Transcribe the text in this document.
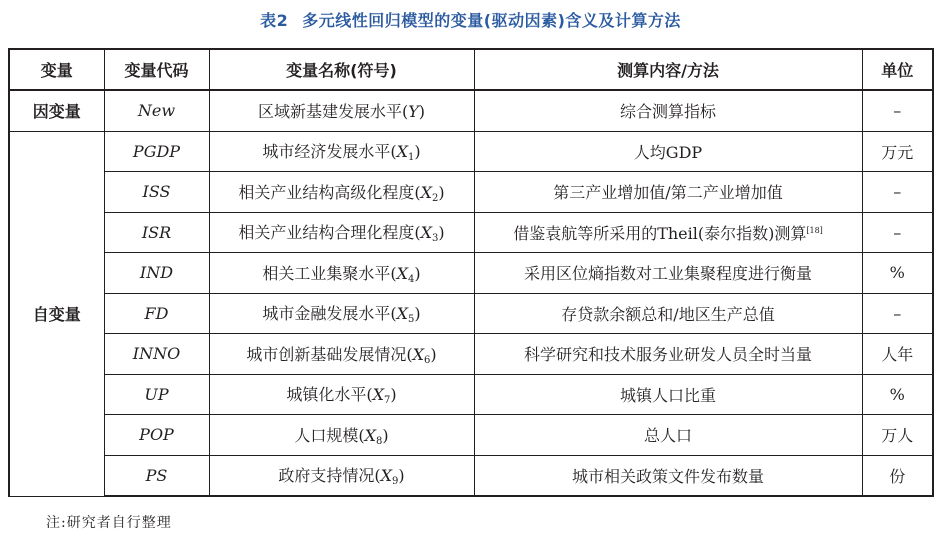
表2 多元线性回归模型的变量(驱动因素)含义及计算方法
变量	变量代码	变量名称(符号)	测算内容/方法	单位
因变量	New	区域新基建发展水平(Y)	综合测算指标	–
自变量	PGDP	城市经济发展水平$(X_1)$	人均GDP	万元
	ISS	相关产业结构高级化程度$(X_2)$	第三产业增加值/第二产业增加值	–
	ISR	相关产业结构合理化程度$(X_3)$	借鉴袁航等所采用的Theil(泰尔指数)测算[18]	–
	IND	相关工业集聚水平$(X_4)$	采用区位熵指数对工业集聚程度进行衡量	%
	FD	城市金融发展水平$(X_5)$	存贷款余额总和/地区生产总值	–
	INNO	城市创新基础发展情况$(X_6)$	科学研究和技术服务业研发人员全时当量	人年
	UP	城镇化水平$(X_7)$	城镇人口比重	%
	POP	人口规模$(X_8)$	总人口	万人
	PS	政府支持情况$(X_9)$	城市相关政策文件发布数量	份
注:研究者自行整理
